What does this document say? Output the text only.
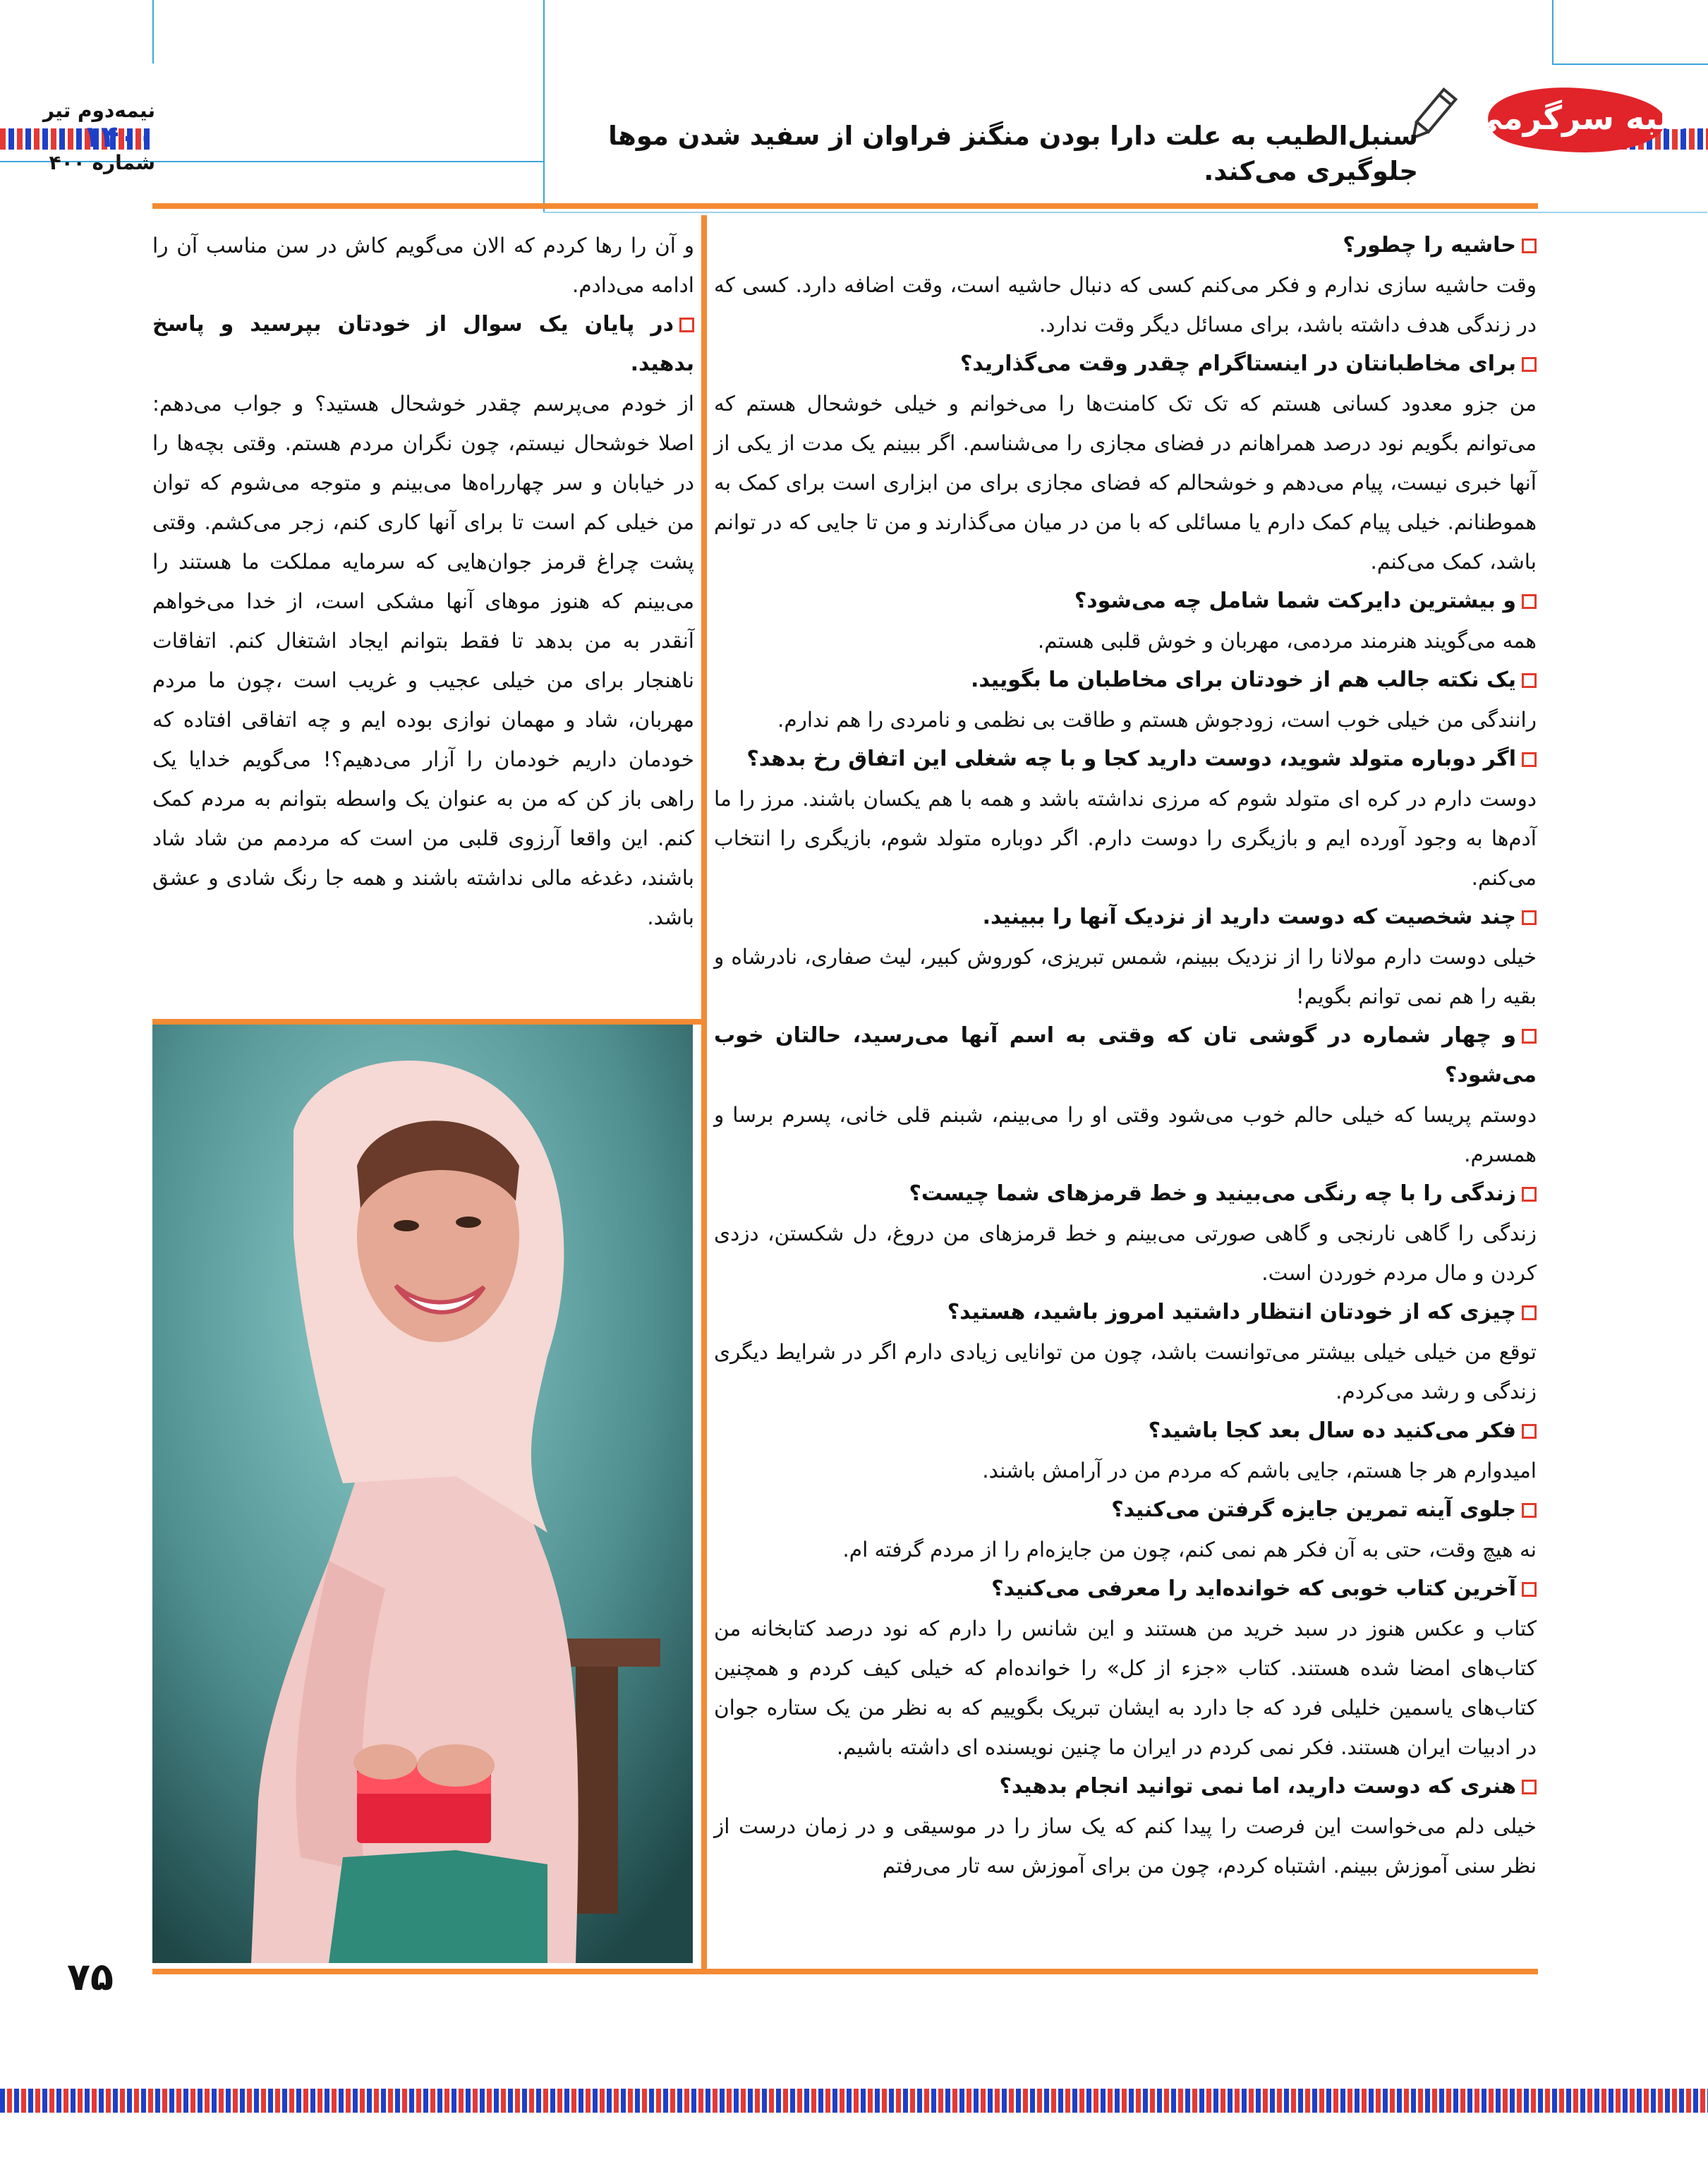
نیمه‌دوم تیر
۱۴۰۰
شماره ۴۰۰
کلبه سرگرمی
سنبل‌الطیب به علت دارا بودن منگنز فراوان از سفید شدن موها جلوگیری می‌کند.

حاشیه را چطور؟

وقت حاشیه سازی ندارم و فکر می‌کنم کسی که دنبال حاشیه است، وقت اضافه دارد. کسی که در زندگی هدف داشته باشد، برای مسائل دیگر وقت ندارد.

برای مخاطبانتان در اینستاگرام چقدر وقت می‌گذارید؟

من جزو معدود کسانی هستم که تک تک کامنت‌ها را می‌خوانم و خیلی خوشحال هستم که می‌توانم بگویم نود درصد همراهانم در فضای مجازی را می‌شناسم. اگر ببینم یک مدت از یکی از آنها خبری نیست، پیام می‌دهم و خوشحالم که فضای مجازی برای من ابزاری است برای کمک به هموطنانم. خیلی پیام کمک دارم یا مسائلی که با من در میان می‌گذارند و من تا جایی که در توانم باشد، کمک می‌کنم.

و بیشترین دایرکت شما شامل چه می‌شود؟

همه می‌گویند هنرمند مردمی، مهربان و خوش قلبی هستم.

یک نکته جالب هم از خودتان برای مخاطبان ما بگویید.

رانندگی من خیلی خوب است، زودجوش هستم و طاقت بی نظمی و نامردی را هم ندارم.

اگر دوباره متولد شوید، دوست دارید کجا و با چه شغلی این اتفاق رخ بدهد؟

دوست دارم در کره ای متولد شوم که مرزی نداشته باشد و همه با هم یکسان باشند. مرز را ما آدم‌ها به وجود آورده ایم و بازیگری را دوست دارم. اگر دوباره متولد شوم، بازیگری را انتخاب می‌کنم.

چند شخصیت که دوست دارید از نزدیک آنها را ببینید.

خیلی دوست دارم مولانا را از نزدیک ببینم، شمس تبریزی، کوروش کبیر، لیث صفاری، نادرشاه و بقیه را هم نمی توانم بگویم!

و چهار شماره در گوشی تان که وقتی به اسم آنها می‌رسید، حالتان خوب می‌شود؟

دوستم پریسا که خیلی حالم خوب می‌شود وقتی او را می‌بینم، شبنم قلی خانی، پسرم برسا و همسرم.

زندگی را با چه رنگی می‌بینید و خط قرمزهای شما چیست؟

زندگی را گاهی نارنجی و گاهی صورتی می‌بینم و خط قرمزهای من دروغ، دل شکستن، دزدی کردن و مال مردم خوردن است.

چیزی که از خودتان انتظار داشتید امروز باشید، هستید؟

توقع من خیلی خیلی بیشتر می‌توانست باشد، چون من توانایی زیادی دارم اگر در شرایط دیگری زندگی و رشد می‌کردم.

فکر می‌کنید ده سال بعد کجا باشید؟

امیدوارم هر جا هستم، جایی باشم که مردم من در آرامش باشند.

جلوی آینه تمرین جایزه گرفتن می‌کنید؟

نه هیچ وقت، حتی به آن فکر هم نمی کنم، چون من جایزه‌ام را از مردم گرفته ام.

آخرین کتاب خوبی که خوانده‌اید را معرفی می‌کنید؟

کتاب و عکس هنوز در سبد خرید من هستند و این شانس را دارم که نود درصد کتابخانه من کتاب‌های امضا شده هستند. کتاب «جزء از کل» را خوانده‌ام که خیلی کیف کردم و همچنین کتاب‌های یاسمین خلیلی فرد که جا دارد به ایشان تبریک بگوییم که به نظر من یک ستاره جوان در ادبیات ایران هستند. فکر نمی کردم در ایران ما چنین نویسنده ای داشته باشیم.

هنری که دوست دارید، اما نمی توانید انجام بدهید؟

خیلی دلم می‌خواست این فرصت را پیدا کنم که یک ساز را در موسیقی و در زمان درست از نظر سنی آموزش ببینم. اشتباه کردم، چون من برای آموزش سه تار می‌رفتم

و آن را رها کردم که الان می‌گویم کاش در سن مناسب آن را ادامه می‌دادم.

در پایان یک سوال از خودتان بپرسید و پاسخ بدهید.

از خودم می‌پرسم چقدر خوشحال هستید؟ و جواب می‌دهم: اصلا خوشحال نیستم، چون نگران مردم هستم. وقتی بچه‌ها را در خیابان و سر چهارراه‌ها می‌بینم و متوجه می‌شوم که توان من خیلی کم است تا برای آنها کاری کنم، زجر می‌کشم. وقتی پشت چراغ قرمز جوان‌هایی که سرمایه مملکت ما هستند را می‌بینم که هنوز موهای آنها مشکی است، از خدا می‌خواهم آنقدر به من بدهد تا فقط بتوانم ایجاد اشتغال کنم. اتفاقات ناهنجار برای من خیلی عجیب و غریب است ،چون ما مردم مهربان، شاد و مهمان نوازی بوده ایم و چه اتفاقی افتاده که خودمان داریم خودمان را آزار می‌دهیم؟! می‌گویم خدایا یک راهی باز کن که من به عنوان یک واسطه بتوانم به مردم کمک کنم. این واقعا آرزوی قلبی من است که مردمم من شاد شاد باشند، دغدغه مالی نداشته باشند و همه جا رنگ شادی و عشق باشد.

۷۵
